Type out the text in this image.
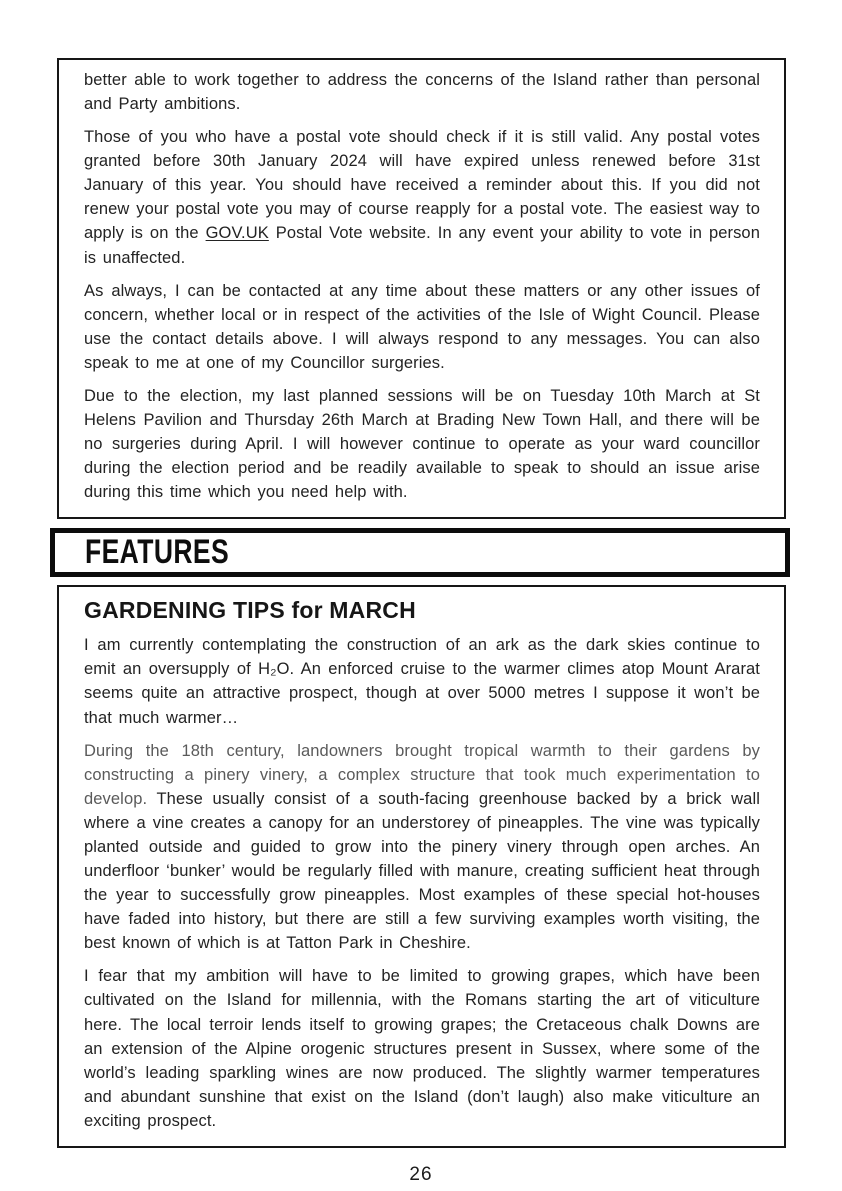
better able to work together to address the concerns of the Island rather than personal and Party ambitions.

Those of you who have a postal vote should check if it is still valid. Any postal votes granted before 30th January 2024 will have expired unless renewed before 31st January of this year. You should have received a reminder about this. If you did not renew your postal vote you may of course reapply for a postal vote. The easiest way to apply is on the GOV.UK Postal Vote website. In any event your ability to vote in person is unaffected.

As always, I can be contacted at any time about these matters or any other issues of concern, whether local or in respect of the activities of the Isle of Wight Council. Please use the contact details above. I will always respond to any messages. You can also speak to me at one of my Councillor surgeries.

Due to the election, my last planned sessions will be on Tuesday 10th March at St Helens Pavilion and Thursday 26th March at Brading New Town Hall, and there will be no surgeries during April. I will however continue to operate as your ward councillor during the election period and be readily available to speak to should an issue arise during this time which you need help with.

FEATURES
GARDENING TIPS for MARCH

I am currently contemplating the construction of an ark as the dark skies continue to emit an oversupply of H₂O. An enforced cruise to the warmer climes atop Mount Ararat seems quite an attractive prospect, though at over 5000 metres I suppose it won’t be that much warmer…

During the 18th century, landowners brought tropical warmth to their gardens by constructing a pinery vinery, a complex structure that took much experimentation to develop. These usually consist of a south-facing greenhouse backed by a brick wall where a vine creates a canopy for an understorey of pineapples. The vine was typically planted outside and guided to grow into the pinery vinery through open arches. An underfloor ‘bunker’ would be regularly filled with manure, creating sufficient heat through the year to successfully grow pineapples. Most examples of these special hot-houses have faded into history, but there are still a few surviving examples worth visiting, the best known of which is at Tatton Park in Cheshire.

I fear that my ambition will have to be limited to growing grapes, which have been cultivated on the Island for millennia, with the Romans starting the art of viticulture here. The local terroir lends itself to growing grapes; the Cretaceous chalk Downs are an extension of the Alpine orogenic structures present in Sussex, where some of the world’s leading sparkling wines are now produced. The slightly warmer temperatures and abundant sunshine that exist on the Island (don’t laugh) also make viticulture an exciting prospect.

26
